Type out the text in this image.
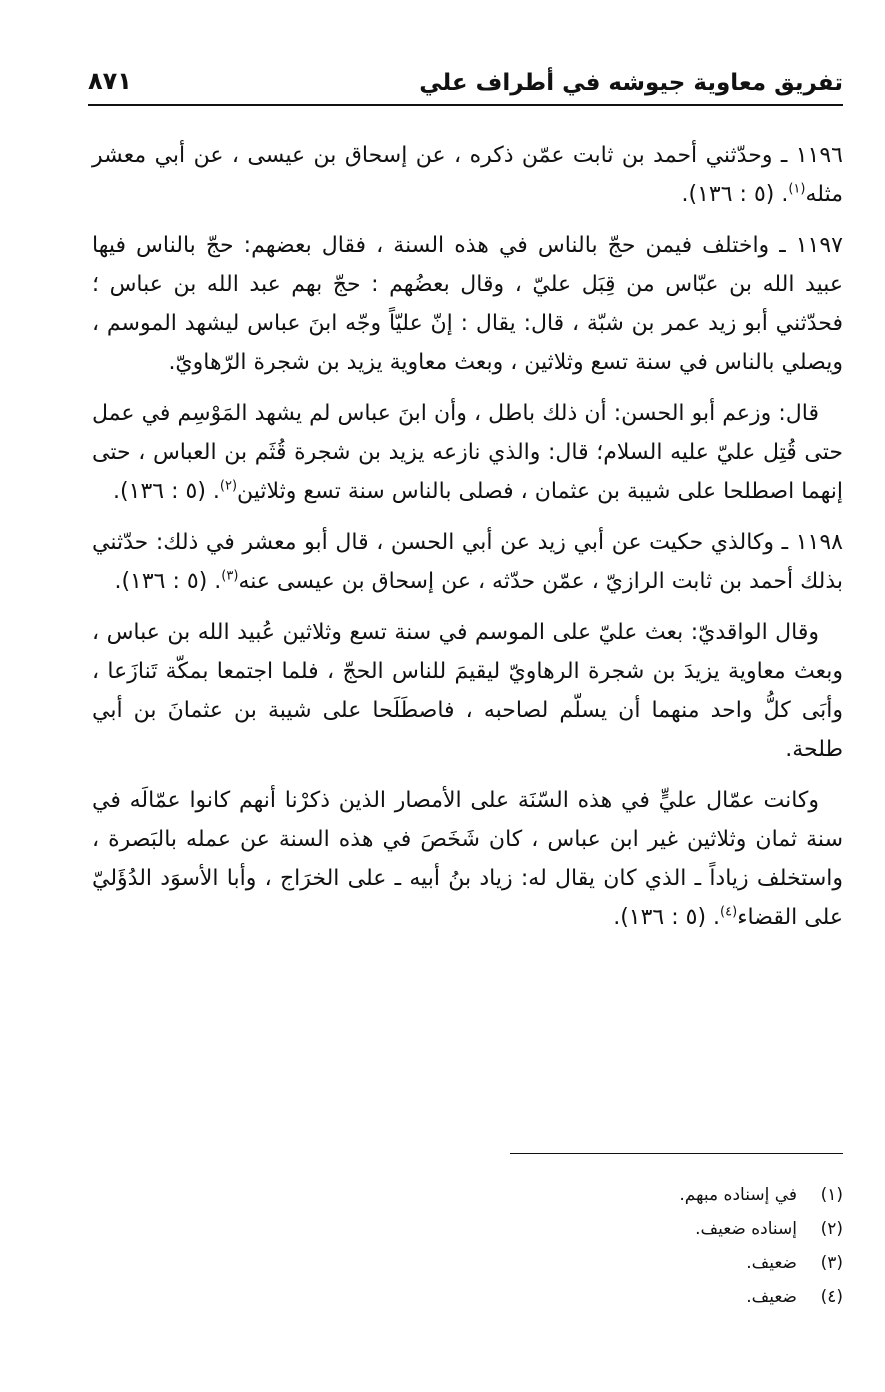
تفريق معاوية جيوشه في أطراف علي
٨٧١

١١٩٦ ـ وحدّثني أحمد بن ثابت عمّن ذكره ، عن إسحاق بن عيسى ، عن أبي معشر مثله$^{(١)}$. (٥ : ١٣٦).

١١٩٧ ـ واختلف فيمن حجّ بالناس في هذه السنة ، فقال بعضهم: حجّ بالناس فيها عبيد الله بن عبّاس من قِبَل عليّ ، وقال بعضُهم : حجّ بهم عبد الله بن عباس ؛ فحدّثني أبو زيد عمر بن شبّة ، قال: يقال : إنّ عليّاً وجّه ابنَ عباس ليشهد الموسم ، ويصلي بالناس في سنة تسع وثلاثين ، وبعث معاوية يزيد بن شجرة الرّهاويّ.

قال: وزعم أبو الحسن: أن ذلك باطل ، وأن ابنَ عباس لم يشهد المَوْسِم في عمل حتى قُتِل عليّ عليه السلام؛ قال: والذي نازعه يزيد بن شجرة قُثَم بن العباس ، حتى إنهما اصطلحا على شيبة بن عثمان ، فصلى بالناس سنة تسع وثلاثين$^{(٢)}$. (٥ : ١٣٦).

١١٩٨ ـ وكالذي حكيت عن أبي زيد عن أبي الحسن ، قال أبو معشر في ذلك: حدّثني بذلك أحمد بن ثابت الرازيّ ، عمّن حدّثه ، عن إسحاق بن عيسى عنه$^{(٣)}$. (٥ : ١٣٦).

وقال الواقديّ: بعث عليّ على الموسم في سنة تسع وثلاثين عُبيد الله بن عباس ، وبعث معاوية يزيدَ بن شجرة الرهاويّ ليقيمَ للناس الحجّ ، فلما اجتمعا بمكّة تَنازَعا ، وأبَى كلُّ واحد منهما أن يسلّم لصاحبه ، فاصطَلَحا على شيبة بن عثمانَ بن أبي طلحة.

وكانت عمّال عليٍّ في هذه السّنَة على الأمصار الذين ذكرْنا أنهم كانوا عمّالَه في سنة ثمان وثلاثين غير ابن عباس ، كان شَخَصَ في هذه السنة عن عمله بالبَصرة ، واستخلف زياداً ـ الذي كان يقال له: زياد بنُ أبيه ـ على الخرَاج ، وأبا الأسوَد الدُؤَليّ على القضاء$^{(٤)}$. (٥ : ١٣٦).

(١)في إسناده مبهم.
(٢)إسناده ضعيف.
(٣)ضعيف.
(٤)ضعيف.
